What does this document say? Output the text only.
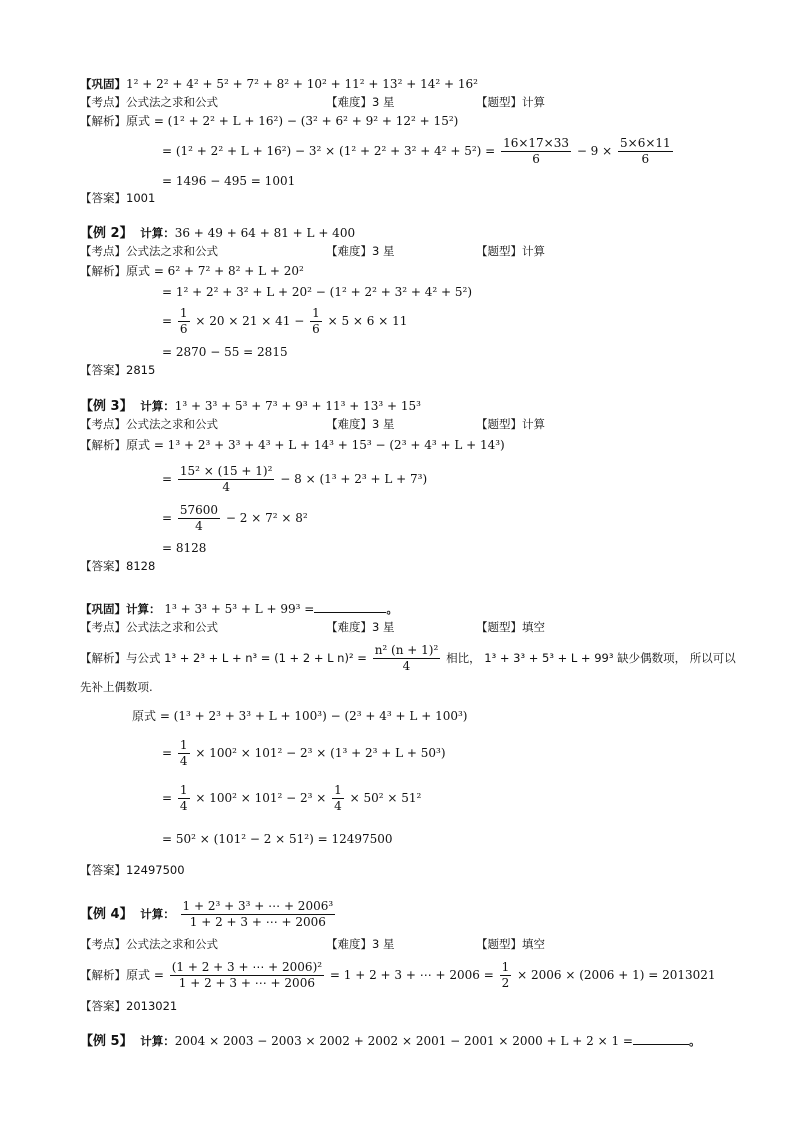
【巩固】1² + 2² + 4² + 5² + 7² + 8² + 10² + 11² + 13² + 14² + 16²
【考点】公式法之求和公式	【难度】3 星	【题型】计算
【解析】原式 = (1² + 2² + L + 16²) − (3² + 6² + 9² + 12² + 15²)
= $(1^2 + 2^2 + L + 16^2) - 3^2 \times (1^2 + 2^2 + 3^2 + 4^2 + 5^2) = \frac{16\times 17\times 33}{6} - 9 \times \frac{5\times 6\times 11}{6}$
= 1496 − 495 = 1001
【答案】1001
【例 2】 计算：36 + 49 + 64 + 81 + L + 400
【考点】公式法之求和公式	【难度】3 星	【题型】计算
【解析】原式 = 6² + 7² + 8² + L + 20²
= 1² + 2² + 3² + L + 20² − (1² + 2² + 3² + 4² + 5²)
= $\frac{1}{6} \times 20 \times 21 \times 41 - \frac{1}{6} \times 5 \times 6 \times 11$
= 2870 − 55 = 2815
【答案】2815
【例 3】 计算：1³ + 3³ + 5³ + 7³ + 9³ + 11³ + 13³ + 15³
【考点】公式法之求和公式	【难度】3 星	【题型】计算
【解析】原式 = 1³ + 2³ + 3³ + 4³ + L + 14³ + 15³ − (2³ + 4³ + L + 14³)
= $\frac{\text{15² × (15 + 1)²}}{4} - 8 \times (1^3 + 2^3 + L + 7^3)$
= $\frac{57600}{4} - 2 \times 7^2 \times 8^2$
= 8128
【答案】8128
【巩固】计算： 1³ + 3³ + 5³ + L + 99³ =	。
【考点】公式法之求和公式	【难度】3 星	【题型】填空
【解析】与公式 1³ + 2³ + L + n³ = (1 + 2 + L $n)^2 = \frac{\text{n² (n + 1)²}}{4}$ 相比， 1³ + 3³ + 5³ + L + 99³ 缺少偶数项， 所以可以
先补上偶数项.
原式 = (1³ + 2³ + 3³ + L + 100³) − (2³ + 4³ + L + 100³)
= $\frac{1}{4} \times 100^2 \times 101^2 - 2^3 \times (1^3 + 2^3 + L + 50^3)$
= $\frac{1}{4} \times 100^2 \times 101^2 - 2^3 \times \frac{1}{4} \times 50^2 \times 51^2$
= 50² × (101² − 2 × 51²) = 12497500
【答案】12497500
【例 4】 计算： $\frac{\text{1 + 2³ + 3³ + ⋯ + 2006³}}{1 + 2 + 3 + \cdots + 2006}$
【考点】公式法之求和公式	【难度】3 星	【题型】填空
【解析】原式 = $\frac{\text{(1 + 2 + 3 + ⋯ + 2006)²}}{1 + 2 + 3 + \cdots + 2006} = 1 + 2 + 3$ + ⋯ + $2006 = \frac{1}{2} \times 2006 \times (2006 + 1) = 2013021$
【答案】2013021
【例 5】 计算：2004 × 2003 − 2003 × 2002 + 2002 × 2001 − 2001 × 2000 + L + 2 × 1 =	。
